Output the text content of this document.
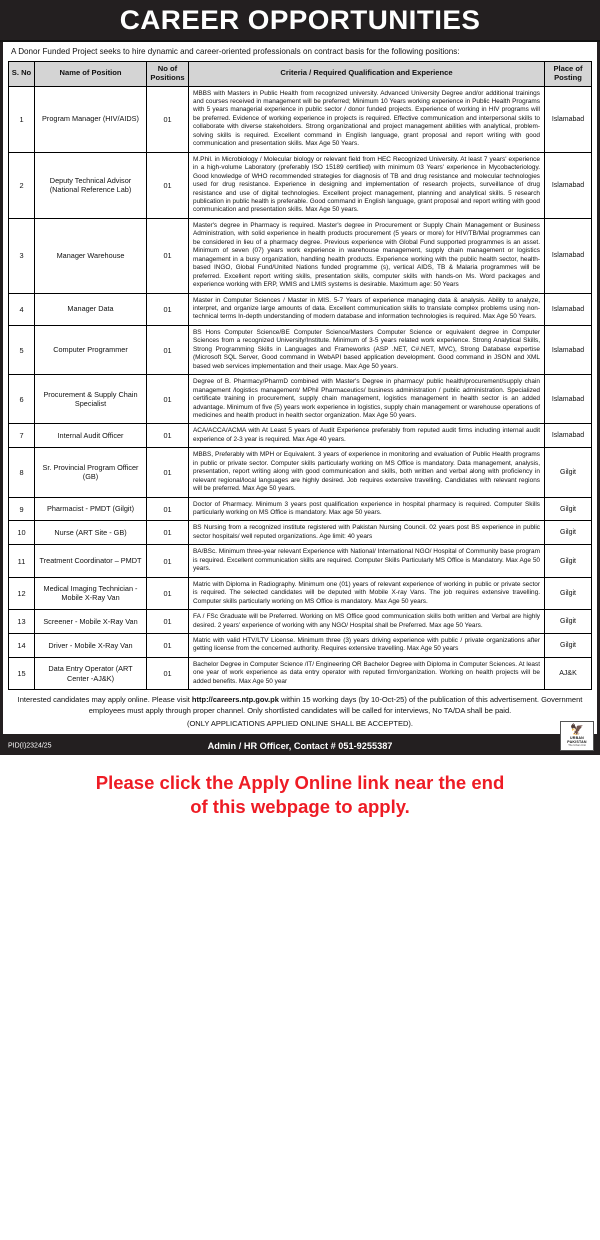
CAREER OPPORTUNITIES
A Donor Funded Project seeks to hire dynamic and career-oriented professionals on contract basis for the following positions:
S. No	Name of Position	No of Positions	Criteria / Required Qualification and Experience	Place of Posting
1	Program Manager (HIV/AIDS)	01	MBBS with Masters in Public Health from recognized university. Advanced University Degree and/or additional trainings and courses received in management will be preferred; Minimum 10 Years working experience in Public Health Programs with 5 years managerial experience in public sector / donor funded projects. Experience of working in HIV programs will be preferred. Evidence of working experience in projects is required. Effective communication and interpersonal skills to collaborate with diverse stakeholders. Strong organizational and project management abilities with analytical, problem-solving skills is required. Excellent command in English language, grant proposal and report writing with good communication and presentation skills. Max Age 50 Years.	Islamabad
2	Deputy Technical Advisor (National Reference Lab)	01	M.Phil. in Microbiology / Molecular biology or relevant field from HEC Recognized University. At least 7 years' experience in a high-volume Laboratory (preferably ISO 15189 certified) with minimum 03 Years' experience in Mycobacteriology. Good knowledge of WHO recommended strategies for diagnosis of TB and drug resistance and molecular technologies used for drug resistance. Experience in designing and implementation of research projects, surveillance of drug resistance and use of digital technologies. Excellent project management, planning and analytical skills. 5 research publication in public health is preferable. Good command in English language, grant proposal and report writing with good communication and presentation skills. Max Age 50 years.	Islamabad
3	Manager Warehouse	01	Master's degree in Pharmacy is required. Master's degree in Procurement or Supply Chain Management or Business Administration, with solid experience in health products procurement (5 years or more) for HIV/TB/Mal programmes can be considered in lieu of a pharmacy degree. Previous experience with Global Fund supported programmes is an asset. Minimum of seven (07) years work experience in warehouse management, supply chain management or logistics management in a busy organization, handling health products. Experience working with the public health sector, health-based INGO, Global Fund/United Nations funded programme (s), vertical AIDS, TB & Malaria programmes will be preferred. Excellent report writing skills, presentation skills, computer skills with hands-on Ms. Word packages and experience working with ERP, WMIS and LMIS systems is desirable. Maximum age: 50 Years	Islamabad
4	Manager Data	01	Master in Computer Sciences / Master in MIS. 5-7 Years of experience managing data & analysis. Ability to analyze, interpret, and organize large amounts of data. Excellent communication skills to translate complex problems using non-technical terms In-depth understanding of modern database and information technologies is required. Max Age 50 Years.	Islamabad
5	Computer Programmer	01	BS Hons Computer Science/BE Computer Science/Masters Computer Science or equivalent degree in Computer Sciences from a recognized University/Institute. Minimum of 3-5 years related work experience. Strong Analytical Skills, Strong Programming Skills in Languages and Frameworks (ASP .NET, C#.NET, MVC), Strong Database expertise (Microsoft SQL Server, Good command in WebAPI based application development. Good command in JSON and XML based web services implementation and their usage. Max Age 50 years.	Islamabad
6	Procurement & Supply Chain Specialist	01	Degree of B. Pharmacy/PharmD combined with Master's Degree in pharmacy/ public health/procurement/supply chain management /logistics management/ MPhil Pharmaceutics/ business administration / public administration. Specialized certificate training in procurement, supply chain management, logistics management in health sector is an added advantage. Minimum of five (5) years work experience in logistics, supply chain management or warehouse operations of medicines and health product in health sector organization. Max Age 50 years.	Islamabad
7	Internal Audit Officer	01	ACA/ACCA/ACMA with At Least 5 years of Audit Experience preferably from reputed audit firms including internal audit experience of 2-3 year is required. Max Age 40 years.	Islamabad
8	Sr. Provincial Program Officer (GB)	01	MBBS, Preferably with MPH or Equivalent. 3 years of experience in monitoring and evaluation of Public Health programs in public or private sector. Computer skills particularly working on MS Office is mandatory. Data management, analysis, presentation, report writing along with good communication and skills, both written and verbal along with proficiency in relevant regional/local languages are highly desired. Job requires extensive travelling. Candidates with relevant regions will be preferred. Max Age 50 years.	Gilgit
9	Pharmacist - PMDT (Gilgit)	01	Doctor of Pharmacy. Minimum 3 years post qualification experience in hospital pharmacy is required. Computer Skills particularly working on MS Office is mandatory. Max age 50 years.	Gilgit
10	Nurse (ART Site - GB)	01	BS Nursing from a recognized institute registered with Pakistan Nursing Council. 02 years post BS experience in public sector hospitals/ well reputed organizations. Age limit: 40 years	Gilgit
11	Treatment Coordinator – PMDT	01	BA/BSc. Minimum three-year relevant Experience with National/ International NGO/ Hospital of Community base program is required. Excellent communication skills are required. Computer Skills Particularly MS Office is Mandatory. Max Age 50 years.	Gilgit
12	Medical Imaging Technician - Mobile X-Ray Van	01	Matric with Diploma in Radiography. Minimum one (01) years of relevant experience of working in public or private sector is required. The selected candidates will be deputed with Mobile X-ray Vans. The job requires extensive travelling. Computer skills particularly working on MS Office is mandatory. Max Age 50 years.	Gilgit
13	Screener - Mobile X-Ray Van	01	FA / FSc Graduate will be Preferred. Working on MS Office good communication skills both written and Verbal are highly desired. 2 years' experience of working with any NGO/ Hospital shall be Preferred. Max age 50 Years.	Gilgit
14	Driver - Mobile X-Ray Van	01	Matric with valid HTV/LTV License. Minimum three (3) years driving experience with public / private organizations after getting license from the concerned authority. Requires extensive travelling. Max Age 50 years	Gilgit
15	Data Entry Operator (ART Center -AJ&K)	01	Bachelor Degree in Computer Science /IT/ Engineering OR Bachelor Degree with Diploma in Computer Sciences. At least one year of work experience as data entry operator with reputed firm/organization. Working on health projects will be added benefits. Max Age 50 year	AJ&K

Interested candidates may apply online. Please visit http://careers.ntp.gov.pk within 15 working days (by 10-Oct-25) of the publication of this advertisement. Government employees must apply through proper channel. Only shortlisted candidates will be called for interviews, No TA/DA shall be paid.

(ONLY APPLICATIONS APPLIED ONLINE SHALL BE ACCEPTED).
PID(I)2324/25	Admin / HR Officer, Contact # 051-9255387
🦅
URBAN PAKISTAN
The Urban Unit
Please click the Apply Online link near the end
of this webpage to apply.
